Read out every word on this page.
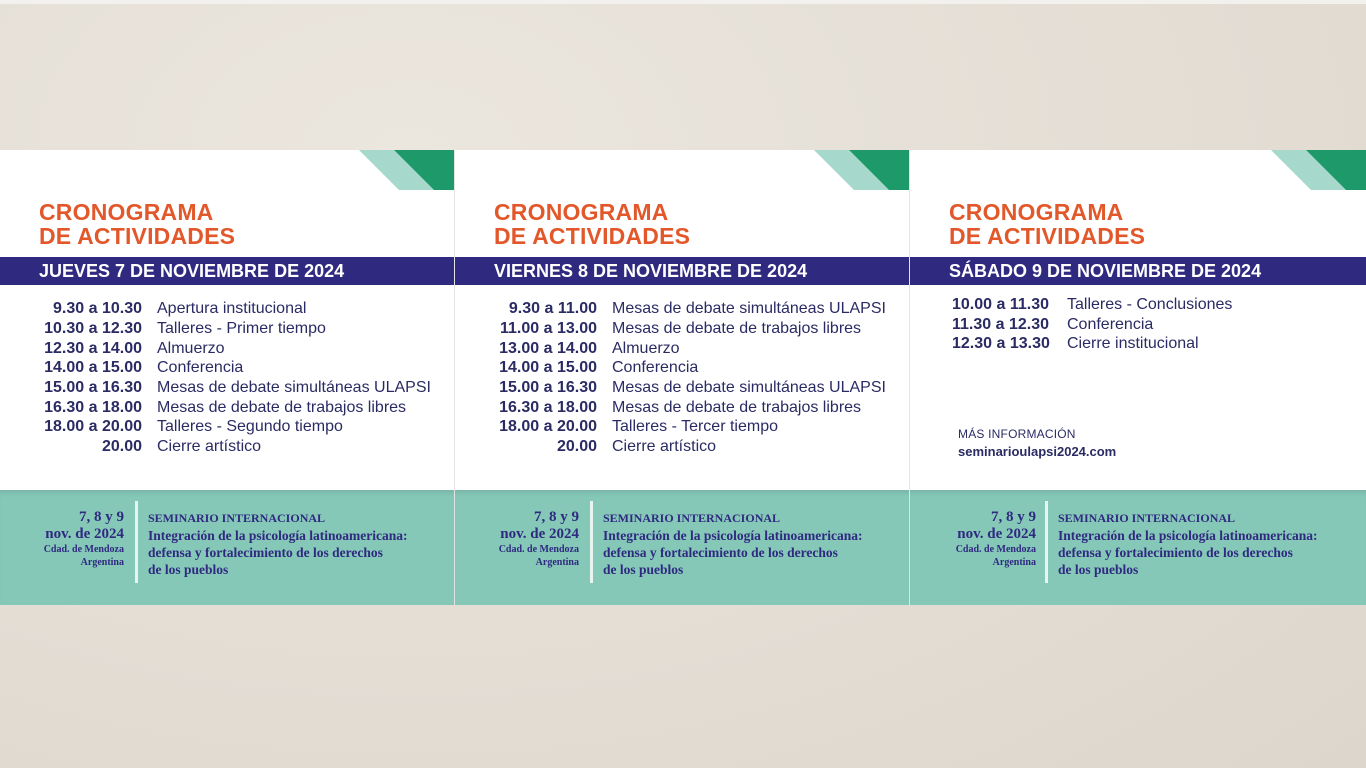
CRONOGRAMA
DE ACTIVIDADES
JUEVES 7 DE NOVIEMBRE DE 2024
9.30 a 10.30 Apertura institucional
10.30 a 12.30 Talleres - Primer tiempo
12.30 a 14.00 Almuerzo
14.00 a 15.00 Conferencia
15.00 a 16.30 Mesas de debate simultáneas ULAPSI
16.30 a 18.00 Mesas de debate de trabajos libres
18.00 a 20.00 Talleres - Segundo tiempo
20.00 Cierre artístico
7, 8 y 9
nov. de 2024
Cdad. de Mendoza
Argentina
SEMINARIO INTERNACIONAL
Integración de la psicología latinoamericana:
defensa y fortalecimiento de los derechos
de los pueblos
CRONOGRAMA
DE ACTIVIDADES
VIERNES 8 DE NOVIEMBRE DE 2024
9.30 a 11.00 Mesas de debate simultáneas ULAPSI
11.00 a 13.00 Mesas de debate de trabajos libres
13.00 a 14.00 Almuerzo
14.00 a 15.00 Conferencia
15.00 a 16.30 Mesas de debate simultáneas ULAPSI
16.30 a 18.00 Mesas de debate de trabajos libres
18.00 a 20.00 Talleres - Tercer tiempo
20.00 Cierre artístico
7, 8 y 9
nov. de 2024
Cdad. de Mendoza
Argentina
SEMINARIO INTERNACIONAL
Integración de la psicología latinoamericana:
defensa y fortalecimiento de los derechos
de los pueblos
CRONOGRAMA
DE ACTIVIDADES
SÁBADO 9 DE NOVIEMBRE DE 2024
10.00 a 11.30 Talleres - Conclusiones
11.30 a 12.30 Conferencia
12.30 a 13.30 Cierre institucional
MÁS INFORMACIÓN
seminarioulapsi2024.com
7, 8 y 9
nov. de 2024
Cdad. de Mendoza
Argentina
SEMINARIO INTERNACIONAL
Integración de la psicología latinoamericana:
defensa y fortalecimiento de los derechos
de los pueblos
